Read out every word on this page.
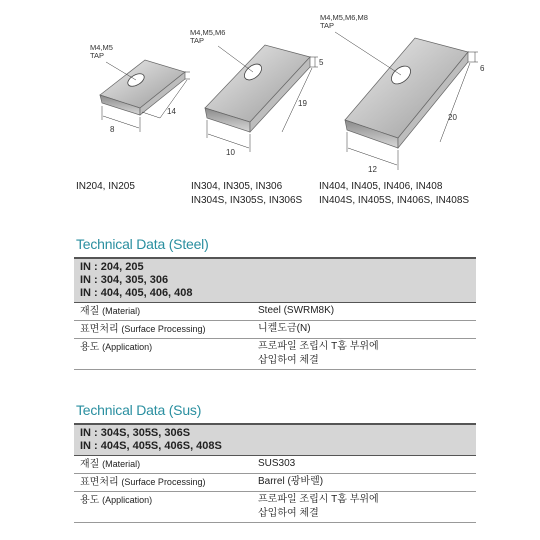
M4,M5
TAP
8
14
M4,M5,M6
TAP
5
10
19
M4,M5,M6,M8
TAP
6
12
20
IN204, IN205	IN304, IN305, IN306
IN304S, IN305S, IN306S
IN404, IN405, IN406, IN408
IN404S, IN405S, IN406S, IN408S
Technical Data (Steel)
IN : 204, 205
IN : 304, 305, 306
IN : 404, 405, 406, 408
재질 (Material)	Steel (SWRM8K)
표면처리 (Surface Processing)	니켈도금(N)
용도 (Application)	프로파일 조립시 T홈 부위에
삽입하여 체결
Technical Data (Sus)
IN : 304S, 305S, 306S
IN : 404S, 405S, 406S, 408S
재질 (Material)	SUS303
표면처리 (Surface Processing)	Barrel (광바렐)
용도 (Application)	프로파일 조립시 T홈 부위에
삽입하여 체결
